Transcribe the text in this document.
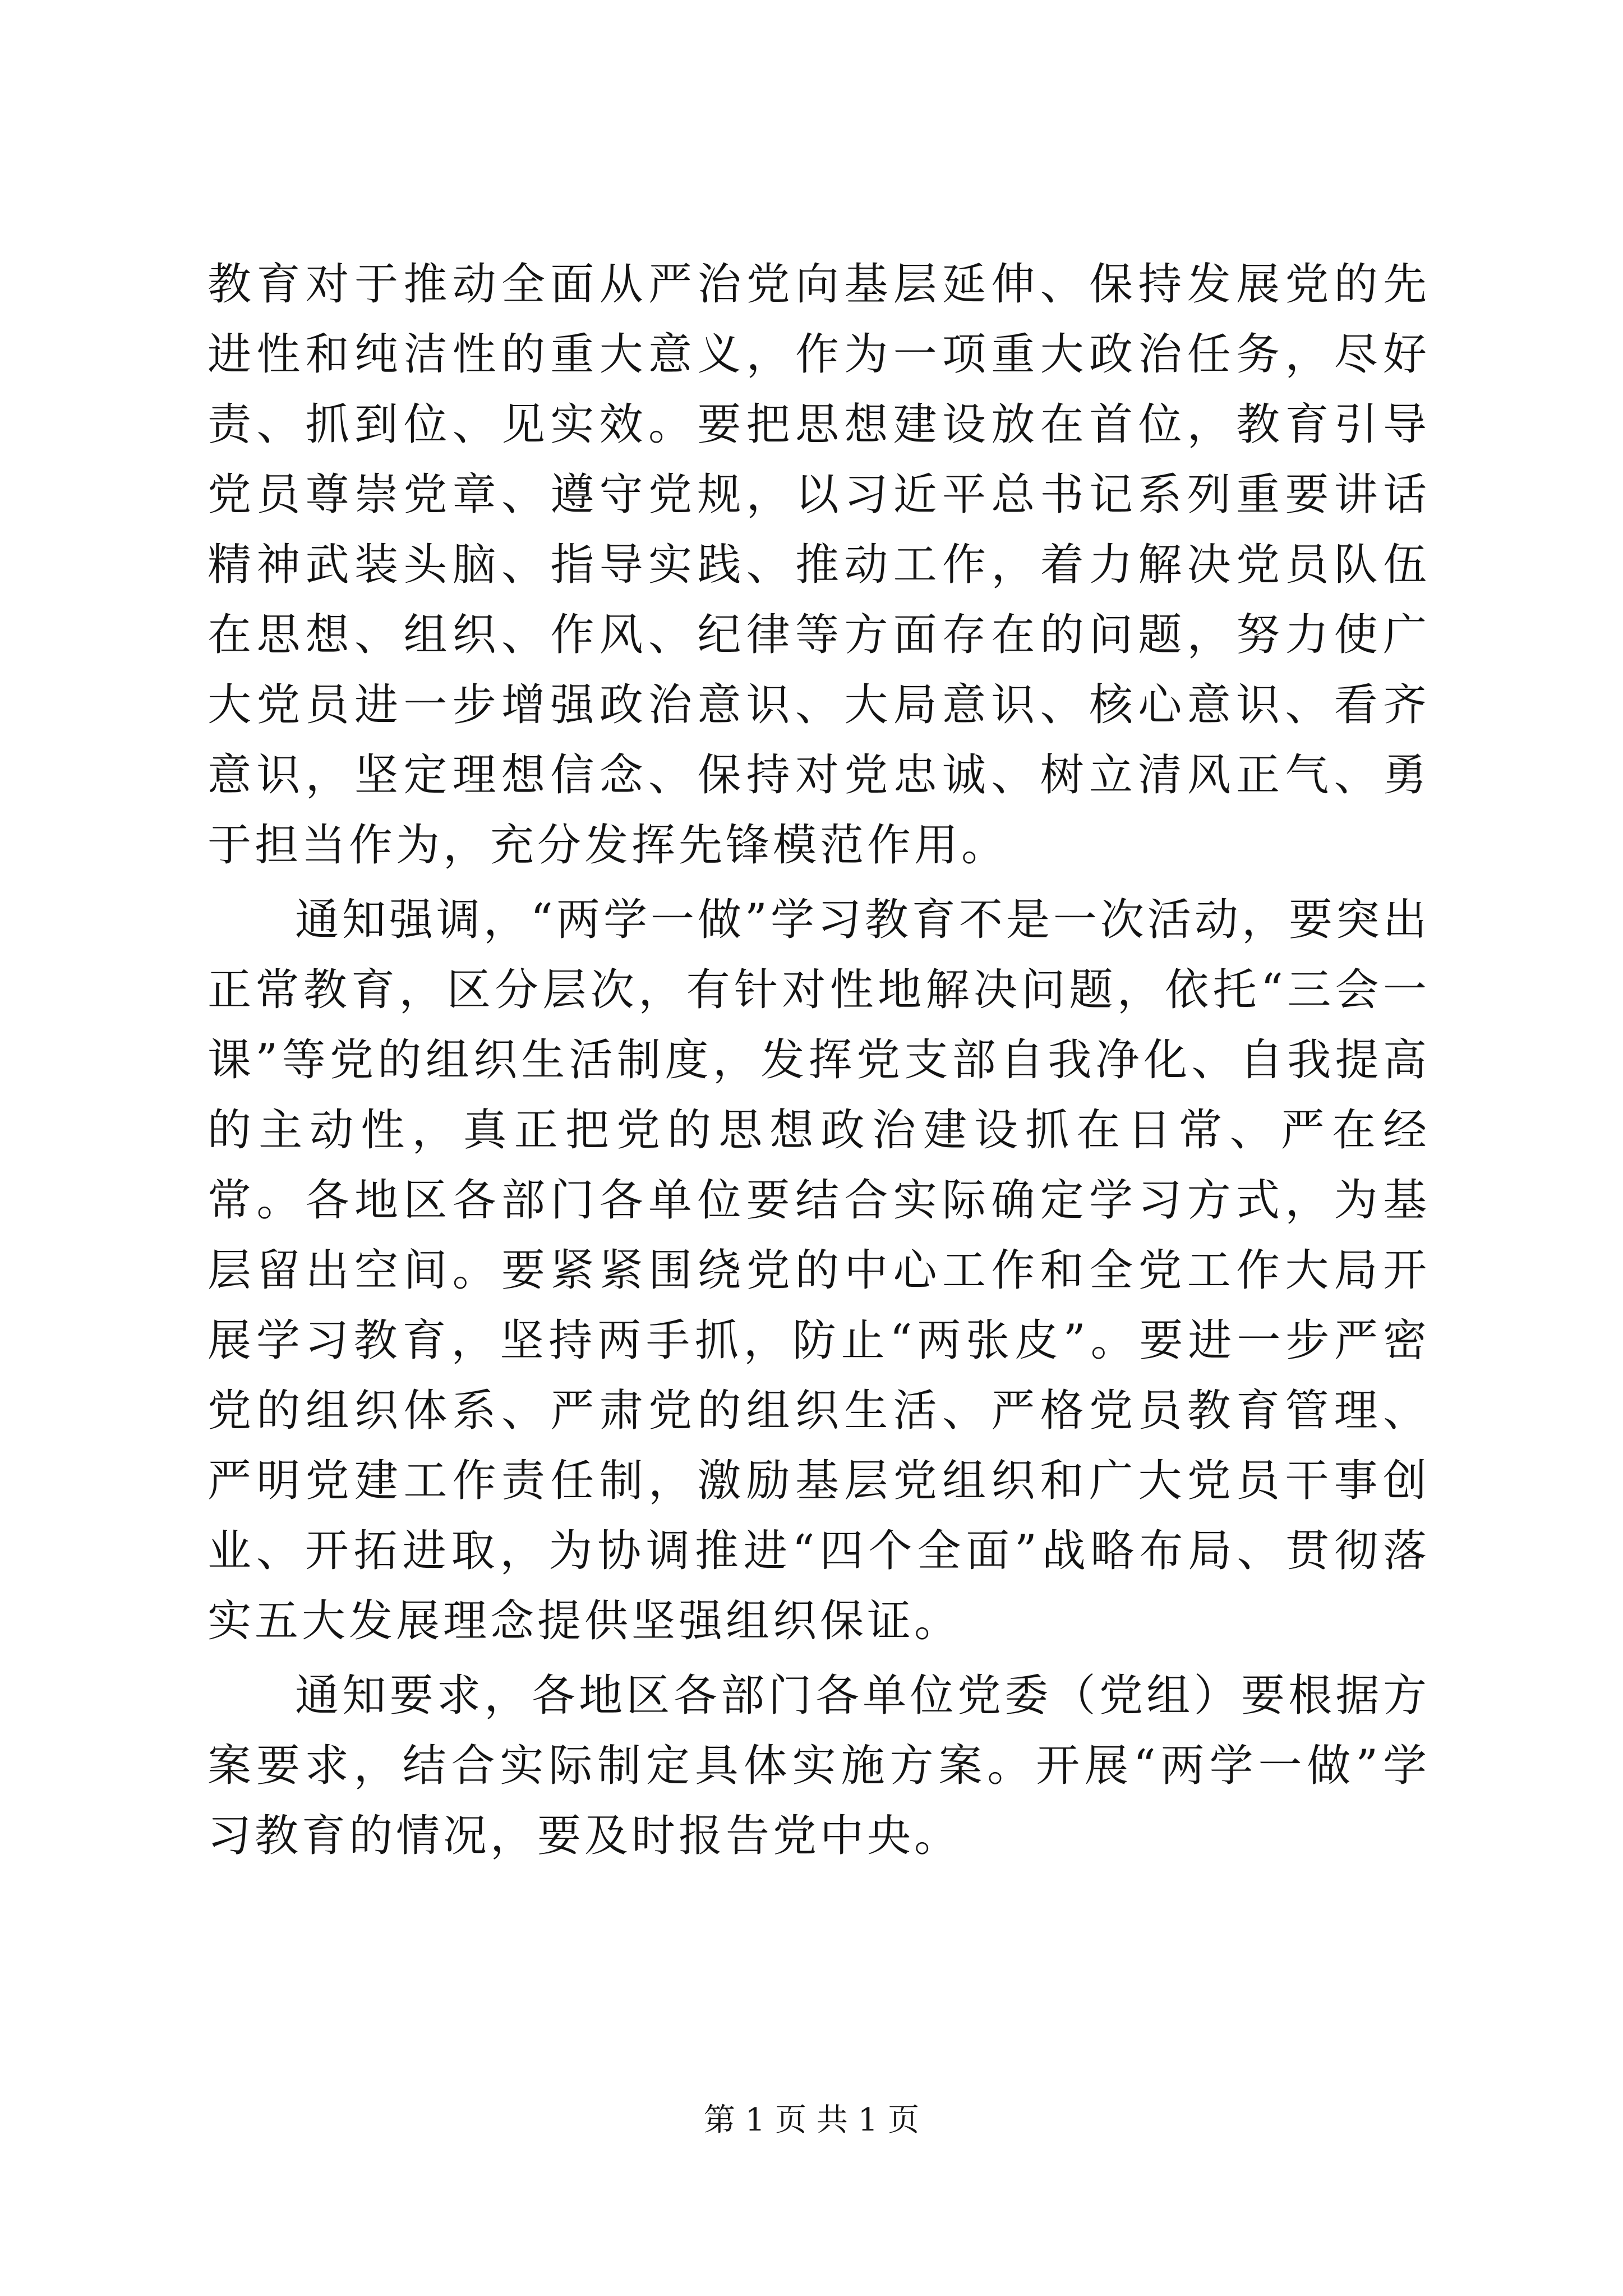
教育对于推动全面从严治党向基层延伸、保持发展党的先进性和纯洁性的重大意义，作为一项重大政治任务，尽好责、抓到位、见实效。要把思想建设放在首位，教育引导党员尊崇党章、遵守党规，以习近平总书记系列重要讲话精神武装头脑、指导实践、推动工作，着力解决党员队伍在思想、组织、作风、纪律等方面存在的问题，努力使广大党员进一步增强政治意识、大局意识、核心意识、看齐意识，坚定理想信念、保持对党忠诚、树立清风正气、勇于担当作为，充分发挥先锋模范作用。

通知强调，“两学一做”学习教育不是一次活动，要突出正常教育，区分层次，有针对性地解决问题，依托“三会一课”等党的组织生活制度，发挥党支部自我净化、自我提高的主动性，真正把党的思想政治建设抓在日常、严在经常。各地区各部门各单位要结合实际确定学习方式，为基层留出空间。要紧紧围绕党的中心工作和全党工作大局开展学习教育，坚持两手抓，防止“两张皮”。要进一步严密党的组织体系、严肃党的组织生活、严格党员教育管理、严明党建工作责任制，激励基层党组织和广大党员干事创业、开拓进取，为协调推进“四个全面”战略布局、贯彻落实五大发展理念提供坚强组织保证。

通知要求，各地区各部门各单位党委（党组）要根据方案要求，结合实际制定具体实施方案。开展“两学一做”学习教育的情况，要及时报告党中央。

第 1 页 共 1 页
